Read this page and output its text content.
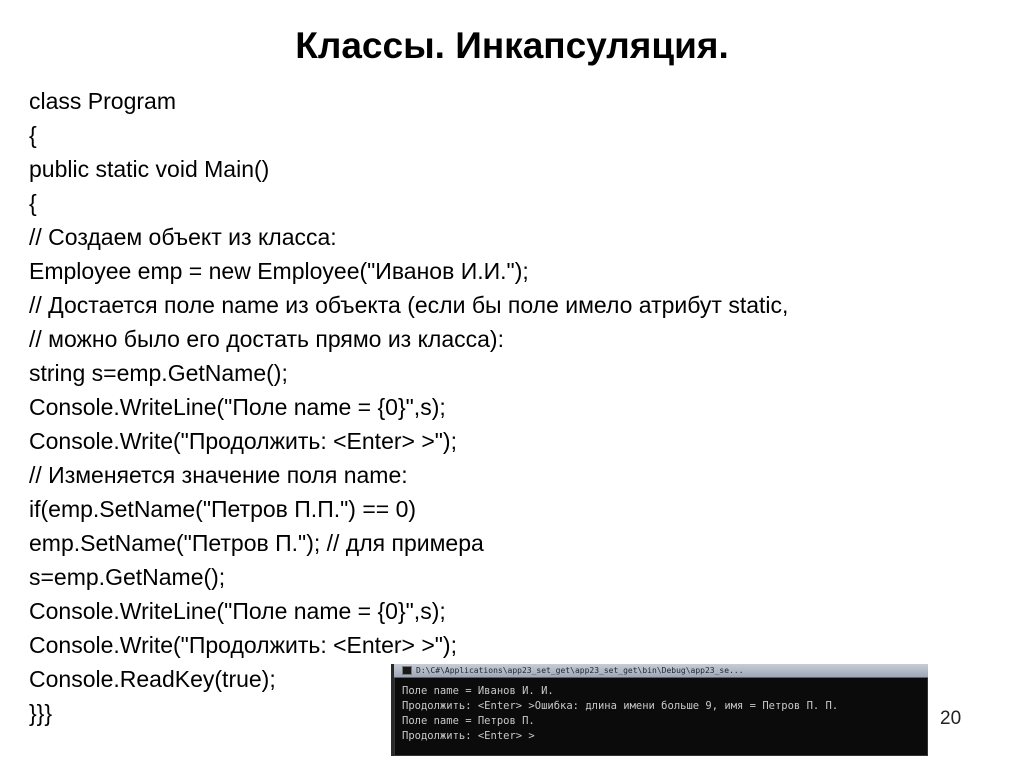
Классы. Инкапсуляция.
class Program
{
public static void Main()
{
// Создаем объект из класса:
Employee emp = new Employee("Иванов И.И.");
// Достается поле name из объекта (если бы поле имело атрибут static,
// можно было его достать прямо из класса):
string s=emp.GetName();
Console.WriteLine("Поле name = {0}",s);
Console.Write("Продолжить: <Enter> >");
// Изменяется значение поля name:
if(emp.SetName("Петров П.П.") == 0)
emp.SetName("Петров П."); // для примера
s=emp.GetName();
Console.WriteLine("Поле name = {0}",s);
Console.Write("Продолжить: <Enter> >");
Console.ReadKey(true);
}}}
D:\C#\Applications\app23_set_get\app23_set_get\bin\Debug\app23_se...
Поле name = Иванов И. И.
Продолжить: <Enter> >Ошибка: длина имени больше 9, имя = Петров П. П.
Поле name = Петров П.
Продолжить: <Enter> >
20
